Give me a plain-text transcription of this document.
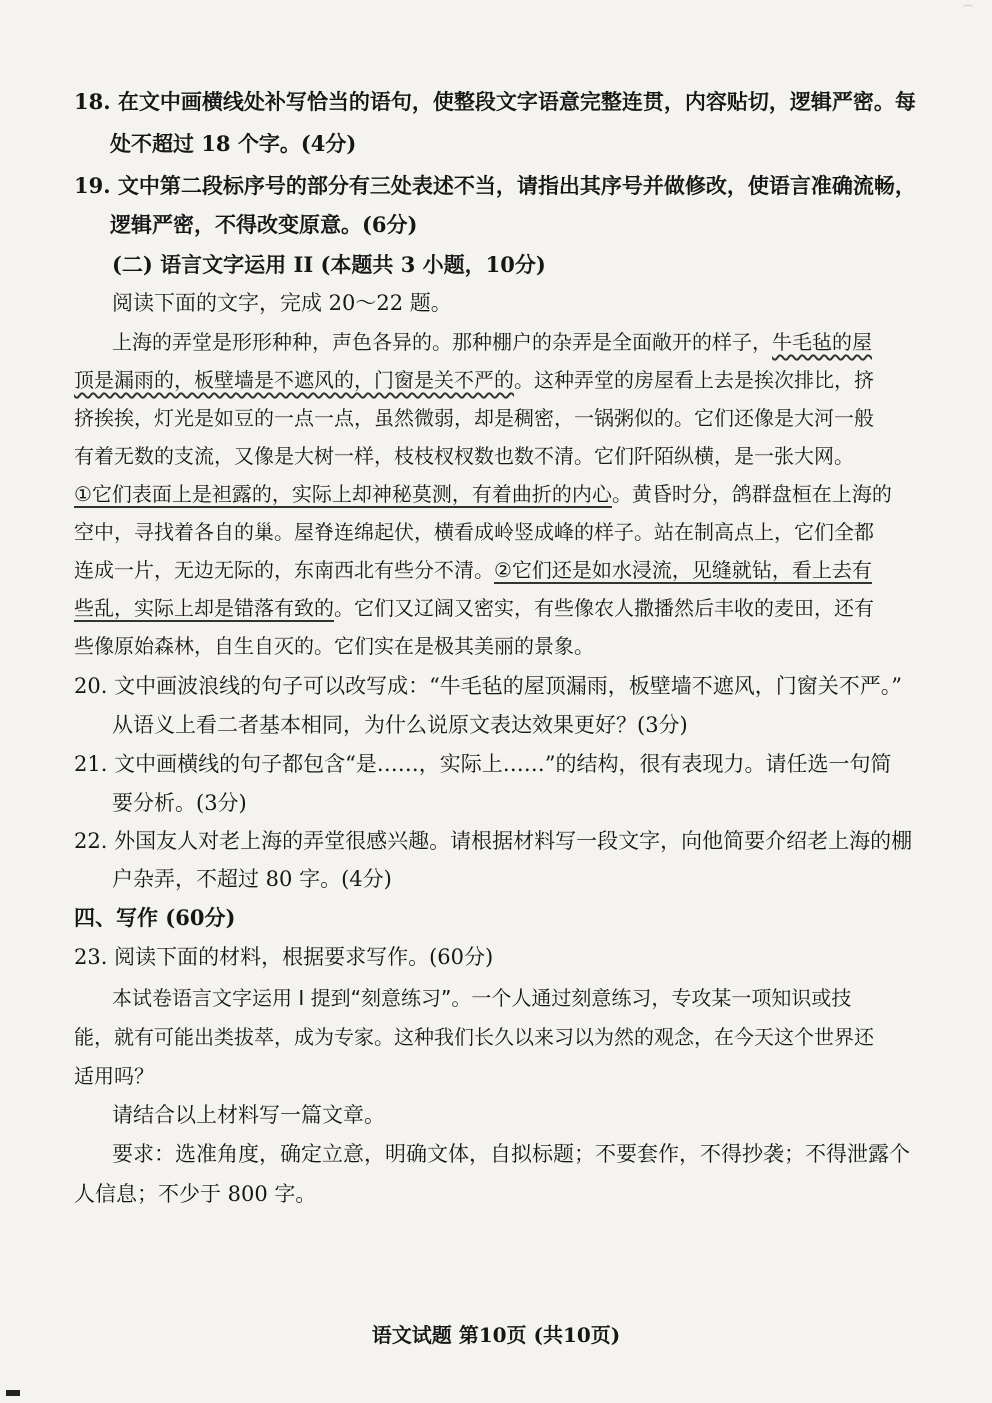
⌒
18. 在文中画横线处补写恰当的语句，使整段文字语意完整连贯，内容贴切，逻辑严密。每
处不超过 18 个字。(4分)
19. 文中第二段标序号的部分有三处表述不当，请指出其序号并做修改，使语言准确流畅，
逻辑严密，不得改变原意。(6分)
(二) 语言文字运用 II (本题共 3 小题，10分)
阅读下面的文字，完成 20～22 题。
上海的弄堂是形形种种，声色各异的。那种棚户的杂弄是全面敞开的样子，牛毛毡的屋
顶是漏雨的，板壁墙是不遮风的，门窗是关不严的。这种弄堂的房屋看上去是挨次排比，挤
挤挨挨，灯光是如豆的一点一点，虽然微弱，却是稠密，一锅粥似的。它们还像是大河一般
有着无数的支流，又像是大树一样，枝枝杈杈数也数不清。它们阡陌纵横，是一张大网。
①它们表面上是袒露的，实际上却神秘莫测，有着曲折的内心。黄昏时分，鸽群盘桓在上海的
空中，寻找着各自的巢。屋脊连绵起伏，横看成岭竖成峰的样子。站在制高点上，它们全都
连成一片，无边无际的，东南西北有些分不清。②它们还是如水浸流，见缝就钻，看上去有
些乱，实际上却是错落有致的。它们又辽阔又密实，有些像农人撒播然后丰收的麦田，还有
些像原始森林，自生自灭的。它们实在是极其美丽的景象。
20. 文中画波浪线的句子可以改写成：“牛毛毡的屋顶漏雨，板壁墙不遮风，门窗关不严。”
从语义上看二者基本相同，为什么说原文表达效果更好？(3分)
21. 文中画横线的句子都包含“是……，实际上……”的结构，很有表现力。请任选一句简
要分析。(3分)
22. 外国友人对老上海的弄堂很感兴趣。请根据材料写一段文字，向他简要介绍老上海的棚
户杂弄，不超过 80 字。(4分)
四、写作 (60分)
23. 阅读下面的材料，根据要求写作。(60分)
本试卷语言文字运用 I 提到“刻意练习”。一个人通过刻意练习，专攻某一项知识或技
能，就有可能出类拔萃，成为专家。这种我们长久以来习以为然的观念，在今天这个世界还
适用吗？
请结合以上材料写一篇文章。
要求：选准角度，确定立意，明确文体，自拟标题；不要套作，不得抄袭；不得泄露个
人信息；不少于 800 字。
语文试题 第10页 (共10页)
